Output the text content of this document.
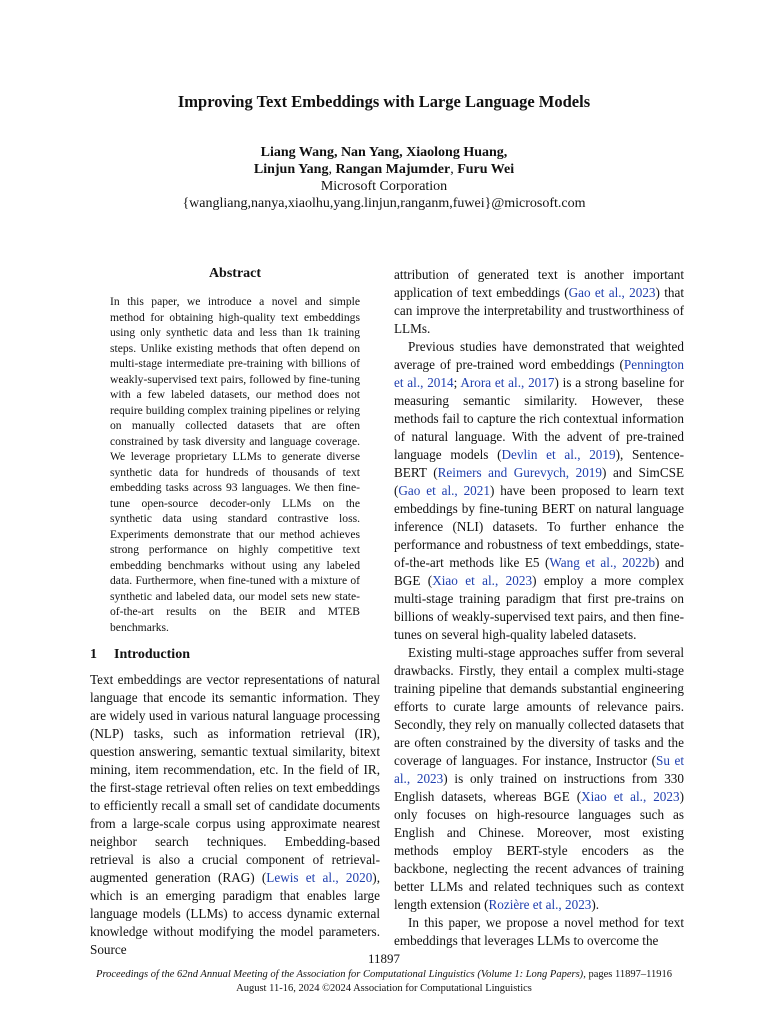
Improving Text Embeddings with Large Language Models
Liang Wang, Nan Yang, Xiaolong Huang,
Linjun Yang, Rangan Majumder, Furu Wei
Microsoft Corporation
{wangliang,nanya,xiaolhu,yang.linjun,ranganm,fuwei}@microsoft.com
Abstract

In this paper, we introduce a novel and simple method for obtaining high-quality text embeddings using only synthetic data and less than 1k training steps. Unlike existing methods that often depend on multi-stage intermediate pre-training with billions of weakly-supervised text pairs, followed by fine-tuning with a few labeled datasets, our method does not require building complex training pipelines or relying on manually collected datasets that are often constrained by task diversity and language coverage. We leverage proprietary LLMs to generate diverse synthetic data for hundreds of thousands of text embedding tasks across 93 languages. We then fine-tune open-source decoder-only LLMs on the synthetic data using standard contrastive loss. Experiments demonstrate that our method achieves strong performance on highly competitive text embedding benchmarks without using any labeled data. Furthermore, when fine-tuned with a mixture of synthetic and labeled data, our model sets new state-of-the-art results on the BEIR and MTEB benchmarks.

1 Introduction

Text embeddings are vector representations of natural language that encode its semantic information. They are widely used in various natural language processing (NLP) tasks, such as information retrieval (IR), question answering, semantic textual similarity, bitext mining, item recommendation, etc. In the field of IR, the first-stage retrieval often relies on text embeddings to efficiently recall a small set of candidate documents from a large-scale corpus using approximate nearest neighbor search techniques. Embedding-based retrieval is also a crucial component of retrieval-augmented generation (RAG) (Lewis et al., 2020), which is an emerging paradigm that enables large language models (LLMs) to access dynamic external knowledge without modifying the model parameters. Source

attribution of generated text is another important application of text embeddings (Gao et al., 2023) that can improve the interpretability and trustworthiness of LLMs.

Previous studies have demonstrated that weighted average of pre-trained word embeddings (Pennington et al., 2014; Arora et al., 2017) is a strong baseline for measuring semantic similarity. However, these methods fail to capture the rich contextual information of natural language. With the advent of pre-trained language models (Devlin et al., 2019), Sentence-BERT (Reimers and Gurevych, 2019) and SimCSE (Gao et al., 2021) have been proposed to learn text embeddings by fine-tuning BERT on natural language inference (NLI) datasets. To further enhance the performance and robustness of text embeddings, state-of-the-art methods like E5 (Wang et al., 2022b) and BGE (Xiao et al., 2023) employ a more complex multi-stage training paradigm that first pre-trains on billions of weakly-supervised text pairs, and then fine-tunes on several high-quality labeled datasets.

Existing multi-stage approaches suffer from several drawbacks. Firstly, they entail a complex multi-stage training pipeline that demands substantial engineering efforts to curate large amounts of relevance pairs. Secondly, they rely on manually collected datasets that are often constrained by the diversity of tasks and the coverage of languages. For instance, Instructor (Su et al., 2023) is only trained on instructions from 330 English datasets, whereas BGE (Xiao et al., 2023) only focuses on high-resource languages such as English and Chinese. Moreover, most existing methods employ BERT-style encoders as the backbone, neglecting the recent advances of training better LLMs and related techniques such as context length extension (Rozière et al., 2023).

In this paper, we propose a novel method for text embeddings that leverages LLMs to overcome the

11897
Proceedings of the 62nd Annual Meeting of the Association for Computational Linguistics (Volume 1: Long Papers), pages 11897–11916
August 11-16, 2024 ©2024 Association for Computational Linguistics
